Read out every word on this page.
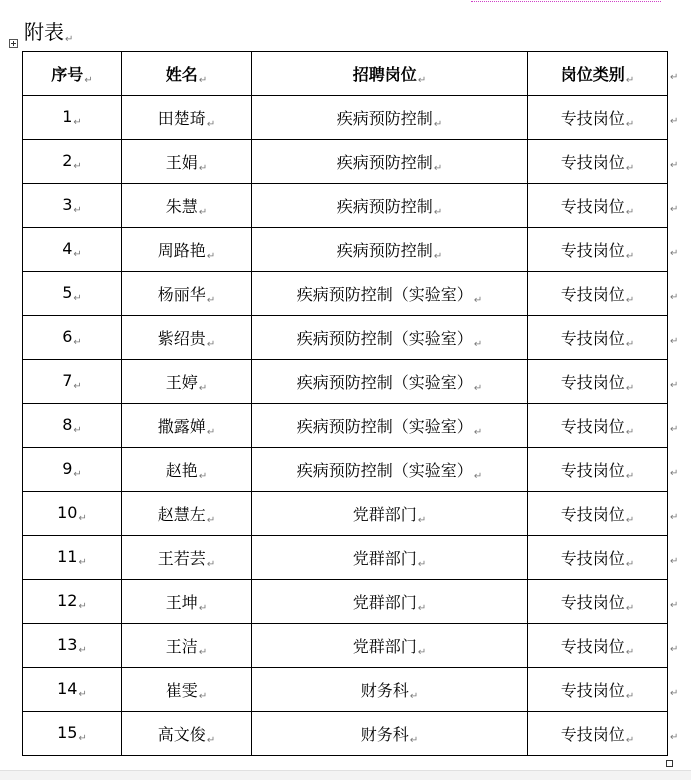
附表↵
序号↵	姓名↵	招聘岗位↵	岗位类别↵
1↵	田楚琦↵	疾病预防控制↵	专技岗位↵
2↵	王娟↵	疾病预防控制↵	专技岗位↵
3↵	朱慧↵	疾病预防控制↵	专技岗位↵
4↵	周路艳↵	疾病预防控制↵	专技岗位↵
5↵	杨丽华↵	疾病预防控制（实验室）↵	专技岗位↵
6↵	紫绍贵↵	疾病预防控制（实验室）↵	专技岗位↵
7↵	王婷↵	疾病预防控制（实验室）↵	专技岗位↵
8↵	撒露婵↵	疾病预防控制（实验室）↵	专技岗位↵
9↵	赵艳↵	疾病预防控制（实验室）↵	专技岗位↵
10↵	赵慧左↵	党群部门↵	专技岗位↵
11↵	王若芸↵	党群部门↵	专技岗位↵
12↵	王坤↵	党群部门↵	专技岗位↵
13↵	王洁↵	党群部门↵	专技岗位↵
14↵	崔雯↵	财务科↵	专技岗位↵
15↵	高文俊↵	财务科↵	专技岗位↵
↵
↵
↵
↵
↵
↵
↵
↵
↵
↵
↵
↵
↵
↵
↵
↵
